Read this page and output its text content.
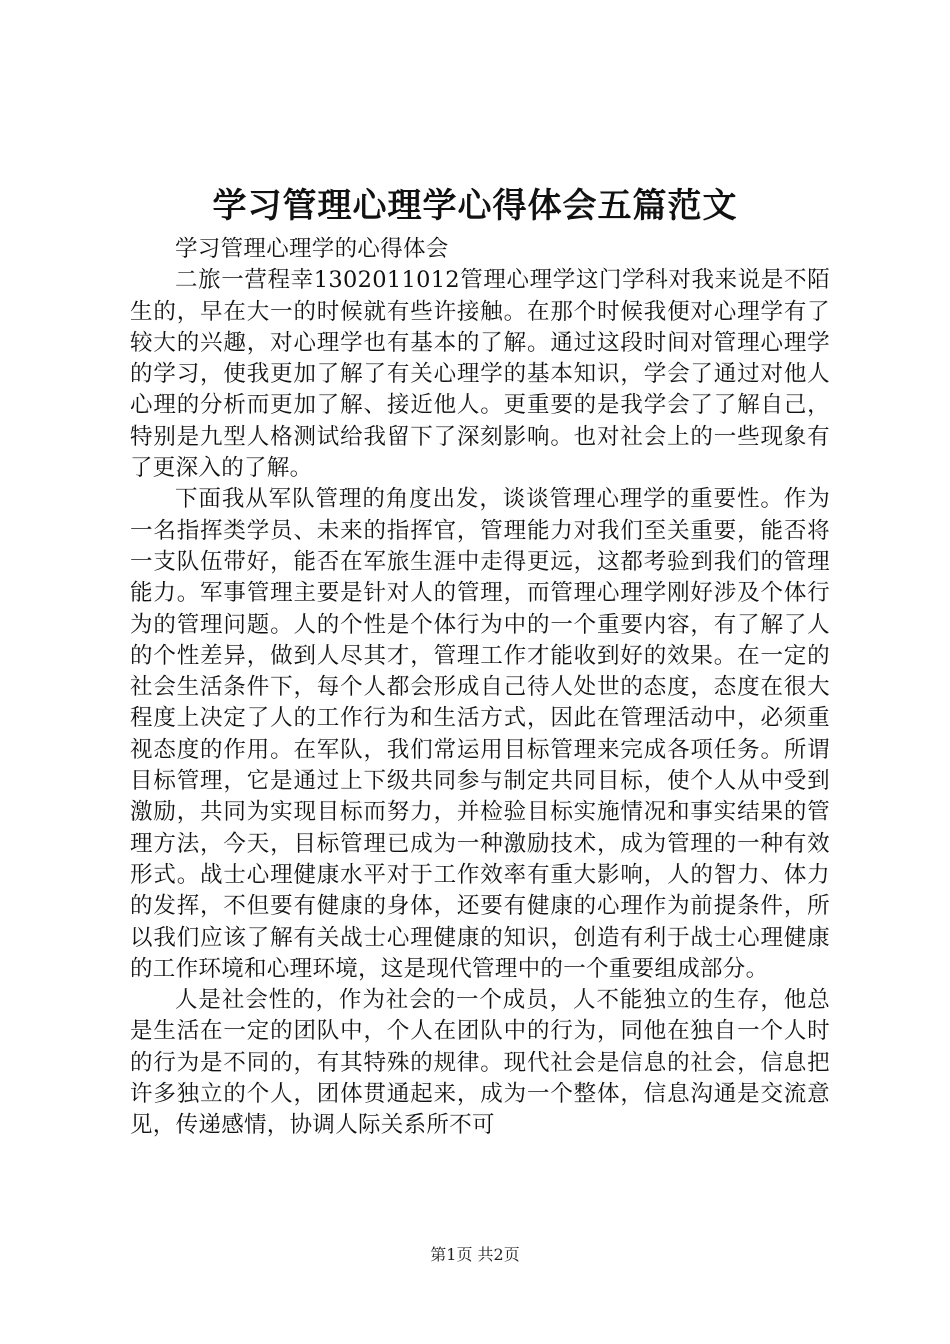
学习管理心理学心得体会五篇范文

学习管理心理学的心得体会

二旅一营程幸1302011012管理心理学这门学科对我来说是不陌生的，早在大一的时候就有些许接触。在那个时候我便对心理学有了较大的兴趣，对心理学也有基本的了解。通过这段时间对管理心理学的学习，使我更加了解了有关心理学的基本知识，学会了通过对他人心理的分析而更加了解、接近他人。更重要的是我学会了了解自己，特别是九型人格测试给我留下了深刻影响。也对社会上的一些现象有了更深入的了解。

下面我从军队管理的角度出发，谈谈管理心理学的重要性。作为一名指挥类学员、未来的指挥官，管理能力对我们至关重要，能否将一支队伍带好，能否在军旅生涯中走得更远，这都考验到我们的管理能力。军事管理主要是针对人的管理，而管理心理学刚好涉及个体行为的管理问题。人的个性是个体行为中的一个重要内容，有了解了人的个性差异，做到人尽其才，管理工作才能收到好的效果。在一定的社会生活条件下，每个人都会形成自己待人处世的态度，态度在很大程度上决定了人的工作行为和生活方式，因此在管理活动中，必须重视态度的作用。在军队，我们常运用目标管理来完成各项任务。所谓目标管理，它是通过上下级共同参与制定共同目标，使个人从中受到激励，共同为实现目标而努力，并检验目标实施情况和事实结果的管理方法，今天，目标管理已成为一种激励技术，成为管理的一种有效形式。战士心理健康水平对于工作效率有重大影响，人的智力、体力的发挥，不但要有健康的身体，还要有健康的心理作为前提条件，所以我们应该了解有关战士心理健康的知识，创造有利于战士心理健康的工作环境和心理环境，这是现代管理中的一个重要组成部分。

人是社会性的，作为社会的一个成员，人不能独立的生存，他总是生活在一定的团队中，个人在团队中的行为，同他在独自一个人时的行为是不同的，有其特殊的规律。现代社会是信息的社会，信息把许多独立的个人，团体贯通起来，成为一个整体，信息沟通是交流意见，传递感情，协调人际关系所不可

第1页 共2页
